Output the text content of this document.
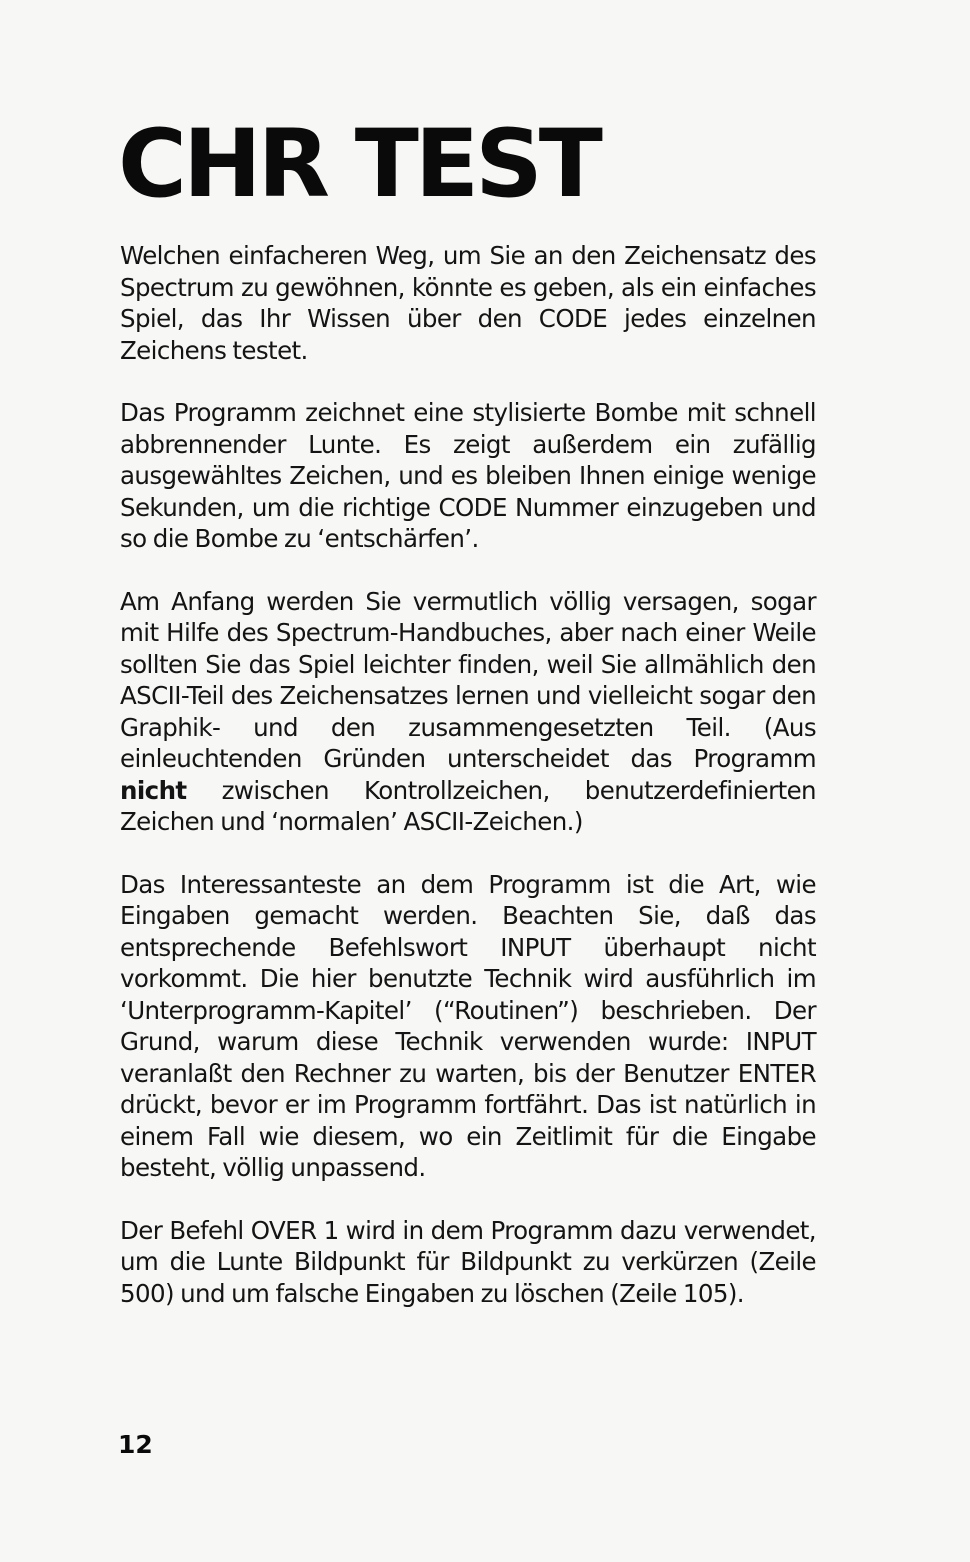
CHR TEST

Welchen einfacheren Weg, um Sie an den Zeichensatz des Spectrum zu gewöhnen, könnte es geben, als ein einfaches Spiel, das Ihr Wissen über den CODE jedes einzelnen Zeichens testet.

Das Programm zeichnet eine stylisierte Bombe mit schnell abbrennender Lunte. Es zeigt außerdem ein zufällig ausgewähltes Zeichen, und es bleiben Ihnen einige wenige Sekunden, um die richtige CODE Nummer einzugeben und so die Bombe zu ‘entschärfen’.

Am Anfang werden Sie vermutlich völlig versagen, sogar mit Hilfe des Spectrum-Handbuches, aber nach einer Weile sollten Sie das Spiel leichter finden, weil Sie allmählich den ASCII-Teil des Zeichensatzes lernen und vielleicht sogar den Graphik- und den zusammengesetzten Teil. (Aus einleuchtenden Gründen unterscheidet das Programm nicht zwischen Kontrollzeichen, benutzerdefinierten Zeichen und ‘normalen’ ASCII-Zeichen.)

Das Interessanteste an dem Programm ist die Art, wie Eingaben gemacht werden. Beachten Sie, daß das entsprechende Befehlswort INPUT überhaupt nicht vorkommt. Die hier benutzte Technik wird ausführlich im ‘Unterprogramm-Kapitel’ (“Routinen”) beschrieben. Der Grund, warum diese Technik verwenden wurde: INPUT veranlaßt den Rechner zu warten, bis der Benutzer ENTER drückt, bevor er im Programm fortfährt. Das ist natürlich in einem Fall wie diesem, wo ein Zeitlimit für die Eingabe besteht, völlig unpassend.

Der Befehl OVER 1 wird in dem Programm dazu verwendet, um die Lunte Bildpunkt für Bildpunkt zu verkürzen (Zeile 500) und um falsche Eingaben zu löschen (Zeile 105).

12
